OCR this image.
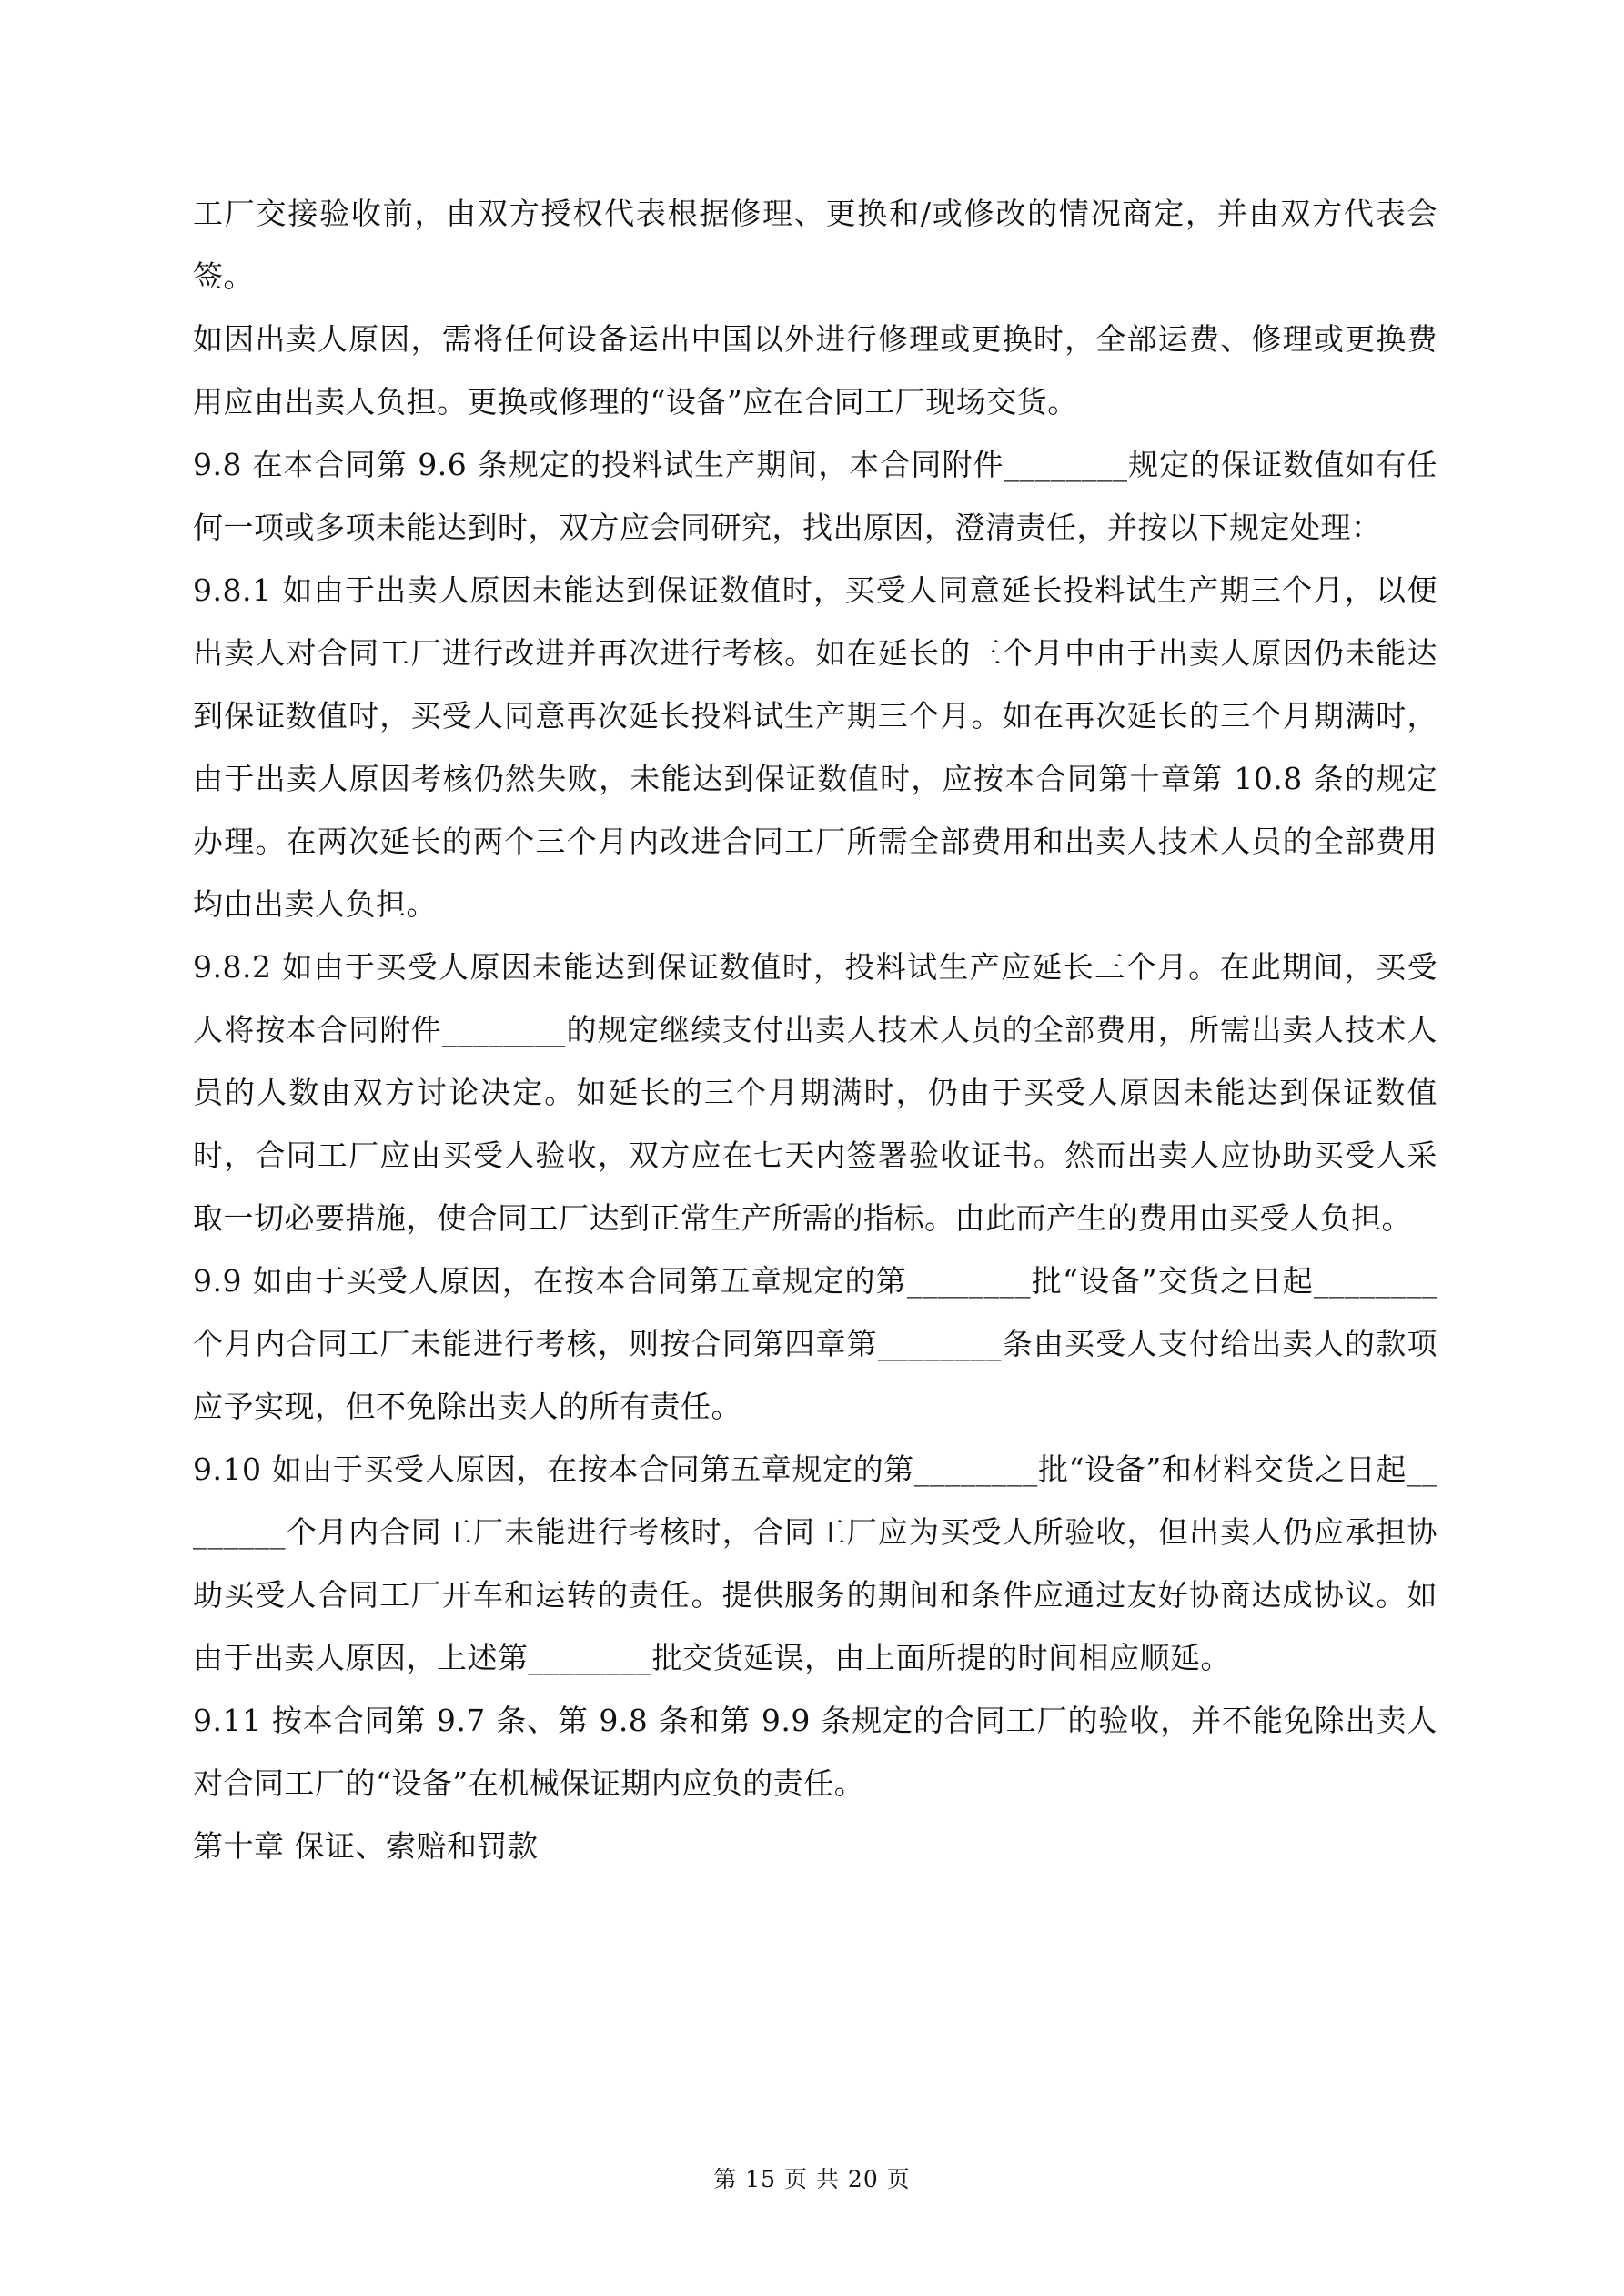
工厂交接验收前，由双方授权代表根据修理、更换和/或修改的情况商定，并由双方代表会签。

如因出卖人原因，需将任何设备运出中国以外进行修理或更换时，全部运费、修理或更换费用应由出卖人负担。更换或修理的“设备”应在合同工厂现场交货。

9.8 在本合同第 9.6 条规定的投料试生产期间，本合同附件________规定的保证数值如有任何一项或多项未能达到时，双方应会同研究，找出原因，澄清责任，并按以下规定处理：

9.8.1 如由于出卖人原因未能达到保证数值时，买受人同意延长投料试生产期三个月，以便出卖人对合同工厂进行改进并再次进行考核。如在延长的三个月中由于出卖人原因仍未能达到保证数值时，买受人同意再次延长投料试生产期三个月。如在再次延长的三个月期满时，由于出卖人原因考核仍然失败，未能达到保证数值时，应按本合同第十章第 10.8 条的规定办理。在两次延长的两个三个月内改进合同工厂所需全部费用和出卖人技术人员的全部费用均由出卖人负担。

9.8.2 如由于买受人原因未能达到保证数值时，投料试生产应延长三个月。在此期间，买受人将按本合同附件________的规定继续支付出卖人技术人员的全部费用，所需出卖人技术人员的人数由双方讨论决定。如延长的三个月期满时，仍由于买受人原因未能达到保证数值时，合同工厂应由买受人验收，双方应在七天内签署验收证书。然而出卖人应协助买受人采取一切必要措施，使合同工厂达到正常生产所需的指标。由此而产生的费用由买受人负担。

9.9 如由于买受人原因，在按本合同第五章规定的第________批“设备”交货之日起________个月内合同工厂未能进行考核，则按合同第四章第________条由买受人支付给出卖人的款项应予实现，但不免除出卖人的所有责任。

9.10 如由于买受人原因，在按本合同第五章规定的第________批“设备”和材料交货之日起________个月内合同工厂未能进行考核时，合同工厂应为买受人所验收，但出卖人仍应承担协助买受人合同工厂开车和运转的责任。提供服务的期间和条件应通过友好协商达成协议。如由于出卖人原因，上述第________批交货延误，由上面所提的时间相应顺延。

9.11 按本合同第 9.7 条、第 9.8 条和第 9.9 条规定的合同工厂的验收，并不能免除出卖人对合同工厂的“设备”在机械保证期内应负的责任。

第十章 保证、索赔和罚款

第 15 页 共 20 页
